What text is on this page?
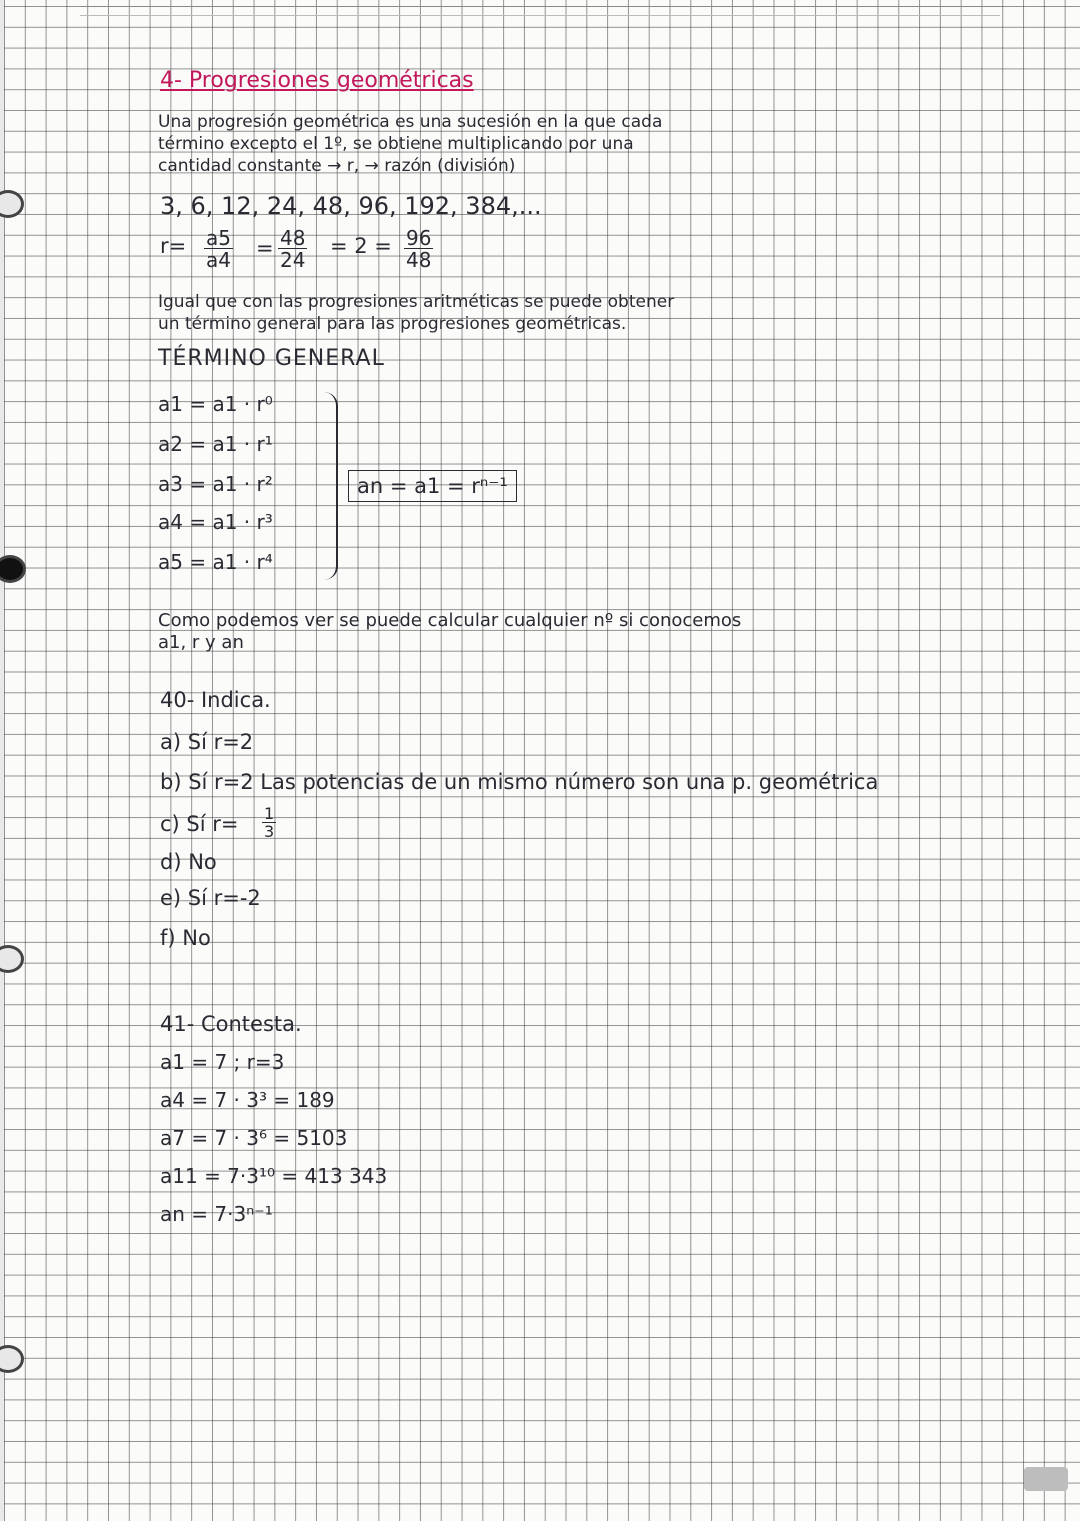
4- Progresiones geométricas
Una progresión geométrica es una sucesión en la que cada
término excepto el 1º, se obtiene multiplicando por una
cantidad constante → r, → razón (división)
3, 6, 12, 24, 48, 96, 192, 384,...
$r= \frac{a5}{a4} = \frac{48}{24} = 2 = \frac{96}{48}$
Igual que con las progresiones aritméticas se puede obtener
un término general para las progresiones geométricas.
TÉRMINO GENERAL
a1 = a1 · r⁰
a2 = a1 · r¹
a3 = a1 · r²
a4 = a1 · r³
a5 = a1 · r⁴
an = a1 = rⁿ⁻¹
Como podemos ver se puede calcular cualquier nº si conocemos
a1, r y an
40- Indica.
a) Sí r=2
b) Sí r=2 Las potencias de un mismo número son una p. geométrica
c) Sí $r= \frac{1}{3}$
d) No
e) Sí r=-2
f) No
41- Contesta.
a1 = 7 ; r=3
a4 = 7 · 3³ = 189
a7 = 7 · 3⁶ = 5103
a11 = 7·3¹⁰ = 413 343
an = 7·3ⁿ⁻¹
